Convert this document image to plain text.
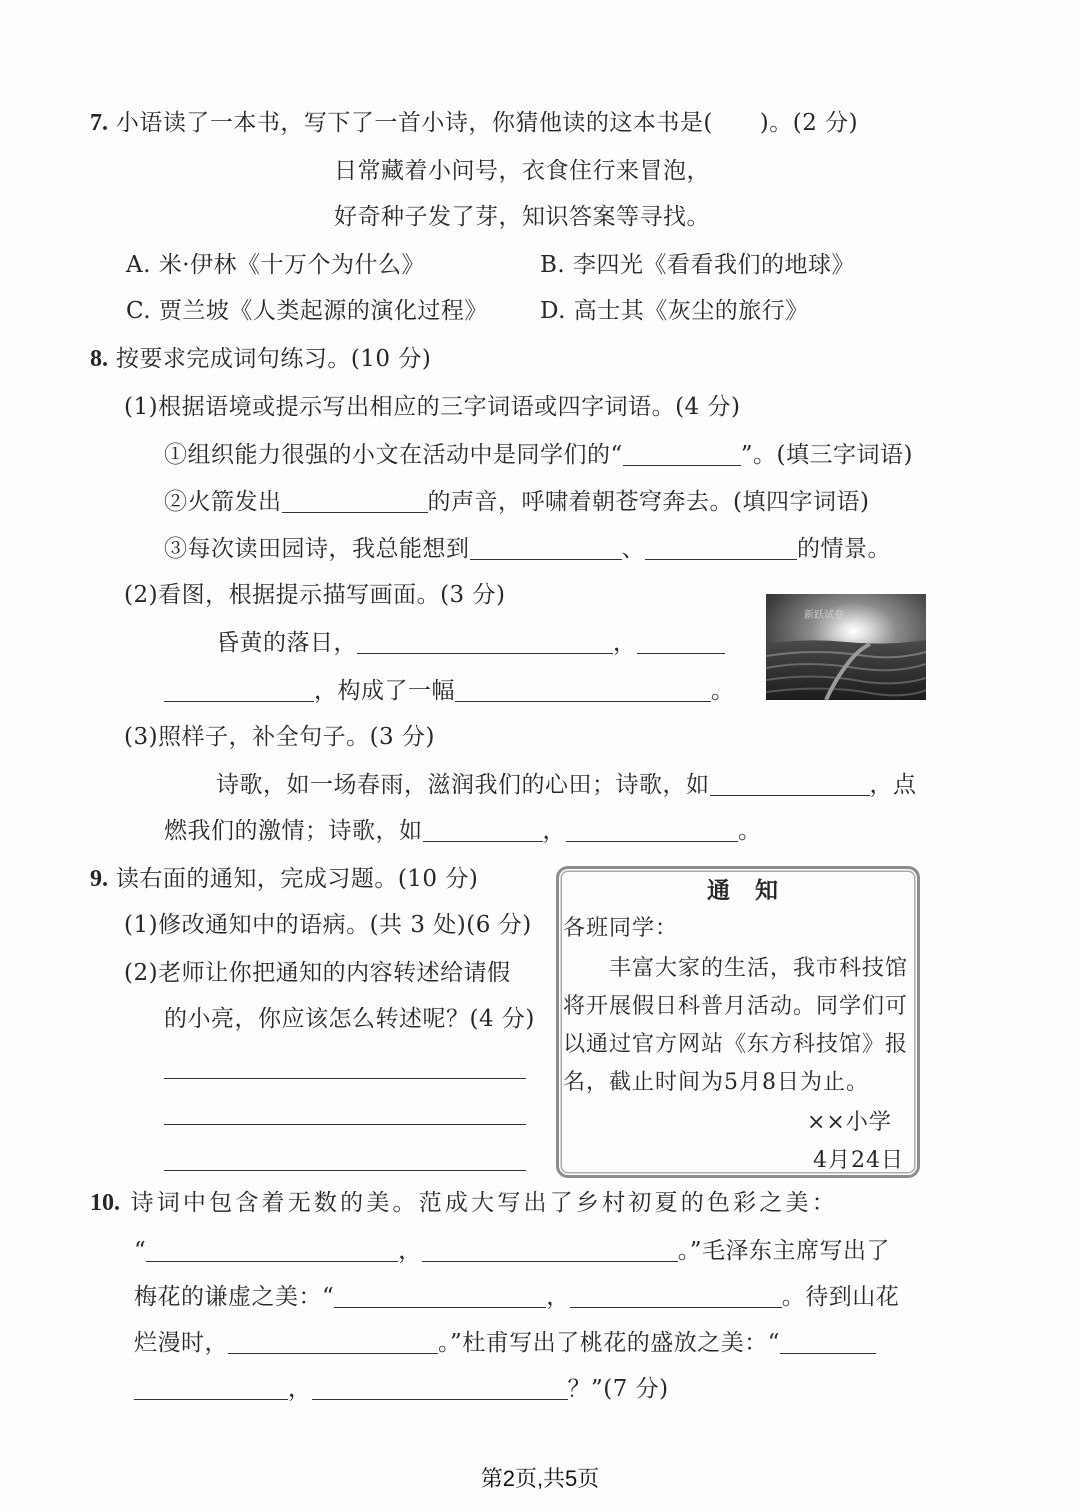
7. 小语读了一本书，写下了一首小诗，你猜他读的这本书是(　　)。(2 分)
日常藏着小问号，衣食住行来冒泡，
好奇种子发了芽，知识答案等寻找。
A. 米·伊林《十万个为什么》	B. 李四光《看看我们的地球》
C. 贾兰坡《人类起源的演化过程》 D. 高士其《灰尘的旅行》
8. 按要求完成词句练习。(10 分)
(1)根据语境或提示写出相应的三字词语或四字词语。(4 分)
①组织能力很强的小文在活动中是同学们的“	”。(填三字词语)
②火箭发出	的声音，呼啸着朝苍穹奔去。(填四字词语)
③每次读田园诗，我总能想到	、	的情景。
(2)看图，根据提示描写画面。(3 分)
昏黄的落日，	，
，构成了一幅	。
新跃试卷
(3)照样子，补全句子。(3 分)
诗歌，如一场春雨，滋润我们的心田；诗歌，如	，点
燃我们的激情；诗歌，如	，	。
9. 读右面的通知，完成习题。(10 分)
(1)修改通知中的语病。(共 3 处)(6 分)
(2)老师让你把通知的内容转述给请假
的小亮，你应该怎么转述呢？(4 分)
通　知
各班同学：
丰富大家的生活，我市科技馆
将开展假日科普月活动。同学们可
以通过官方网站《东方科技馆》报
名，截止时间为5月8日为止。
××小学
4月24日
10. 诗词中包含着无数的美。范成大写出了乡村初夏的色彩之美：
“	，	。”毛泽东主席写出了
梅花的谦虚之美：“	，	。待到山花
烂漫时，	。”杜甫写出了桃花的盛放之美：“
，	？”(7 分)
第2页,共5页
